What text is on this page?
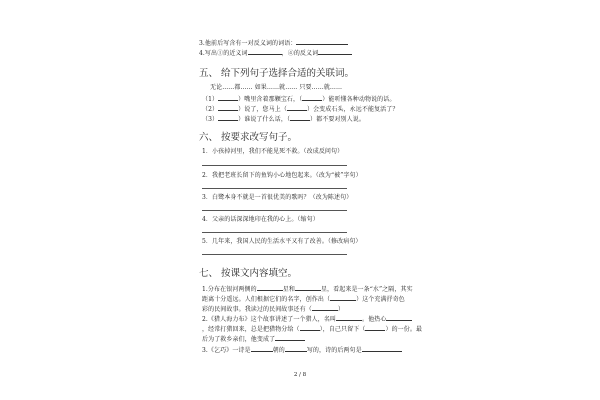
3.他前后写含有一对反义词的词语：
4.写出①的近义词	，④的反义词
五、 给下列句子选择合适的关联词。
无论……都…… 如果……就…… 只要……就……
（1）	）嘴里含着那颗宝石，（	）能听懂各种动物说的话。
（2）	）说了，您马上（	）会变成石头，永远不能复活了？
（3）	）谁说了什么话，（	）都不要对别人说。
六、 按要求改写句子。
1．小孩掉河里，我们不能见死不救。（改成反问句）
2．我把老班长留下的鱼钩小心地包起来。（改为“被”字句）
3．白鹭本身不就是一首很优美的歌吗？（改为陈述句）
4．父亲的话深深地印在我的心上。（缩句）
5．几年来，我国人民的生活水平又有了改善。（修改病句）
七、 按课文内容填空。
1.分布在银河两侧的	星和	星，看起来是一条“水”之隔，其实
距离十分遥远。人们根据它们的名字，创作出（	）这个充满抒奇色
彩的民间故事。我读过的民间故事还有（	）
2.《猎人海力布》这个故事讲述了一个猎人，名叫	。他热心
，经常打猎回来，总是把猎物分给（	），自己只留下（	）的一份。最
后为了救乡亲们，他变成了
3.《乞巧》一诗是	朝的	写的，诗的后两句是
2 / 8
